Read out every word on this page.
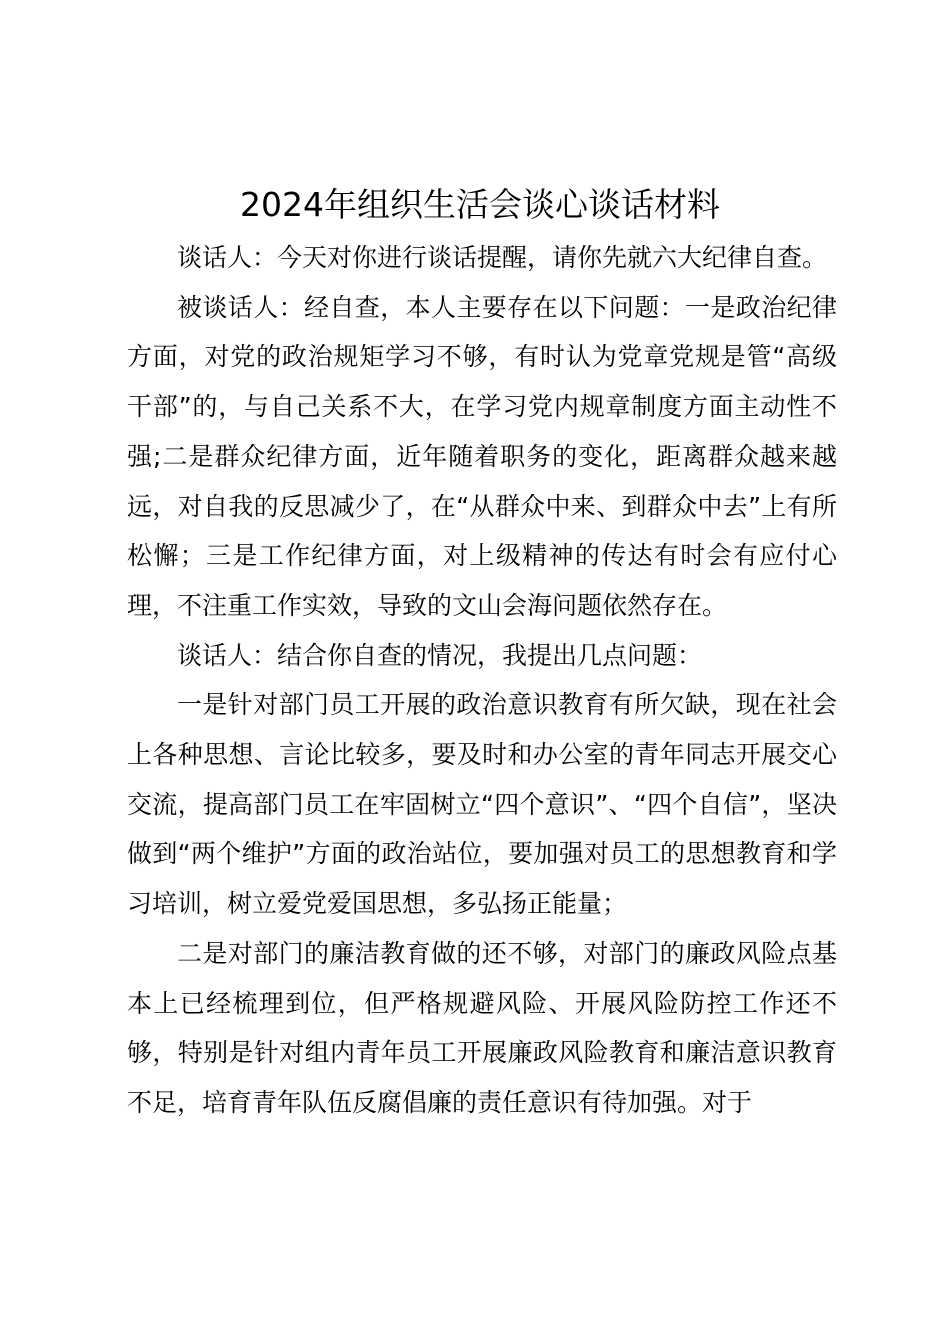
2024年组织生活会谈心谈话材料

谈话人：今天对你进行谈话提醒，请你先就六大纪律自查。

被谈话人：经自查，本人主要存在以下问题：一是政治纪律方面，对党的政治规矩学习不够，有时认为党章党规是管“高级干部”的，与自己关系不大，在学习党内规章制度方面主动性不强;二是群众纪律方面，近年随着职务的变化，距离群众越来越远，对自我的反思减少了，在“从群众中来、到群众中去”上有所松懈；三是工作纪律方面，对上级精神的传达有时会有应付心理，不注重工作实效，导致的文山会海问题依然存在。

谈话人：结合你自查的情况，我提出几点问题：

一是针对部门员工开展的政治意识教育有所欠缺，现在社会上各种思想、言论比较多，要及时和办公室的青年同志开展交心交流，提高部门员工在牢固树立“四个意识”、“四个自信”，坚决做到“两个维护”方面的政治站位，要加强对员工的思想教育和学习培训，树立爱党爱国思想，多弘扬正能量；

二是对部门的廉洁教育做的还不够，对部门的廉政风险点基本上已经梳理到位，但严格规避风险、开展风险防控工作还不够，特别是针对组内青年员工开展廉政风险教育和廉洁意识教育不足，培育青年队伍反腐倡廉的责任意识有待加强。对于
